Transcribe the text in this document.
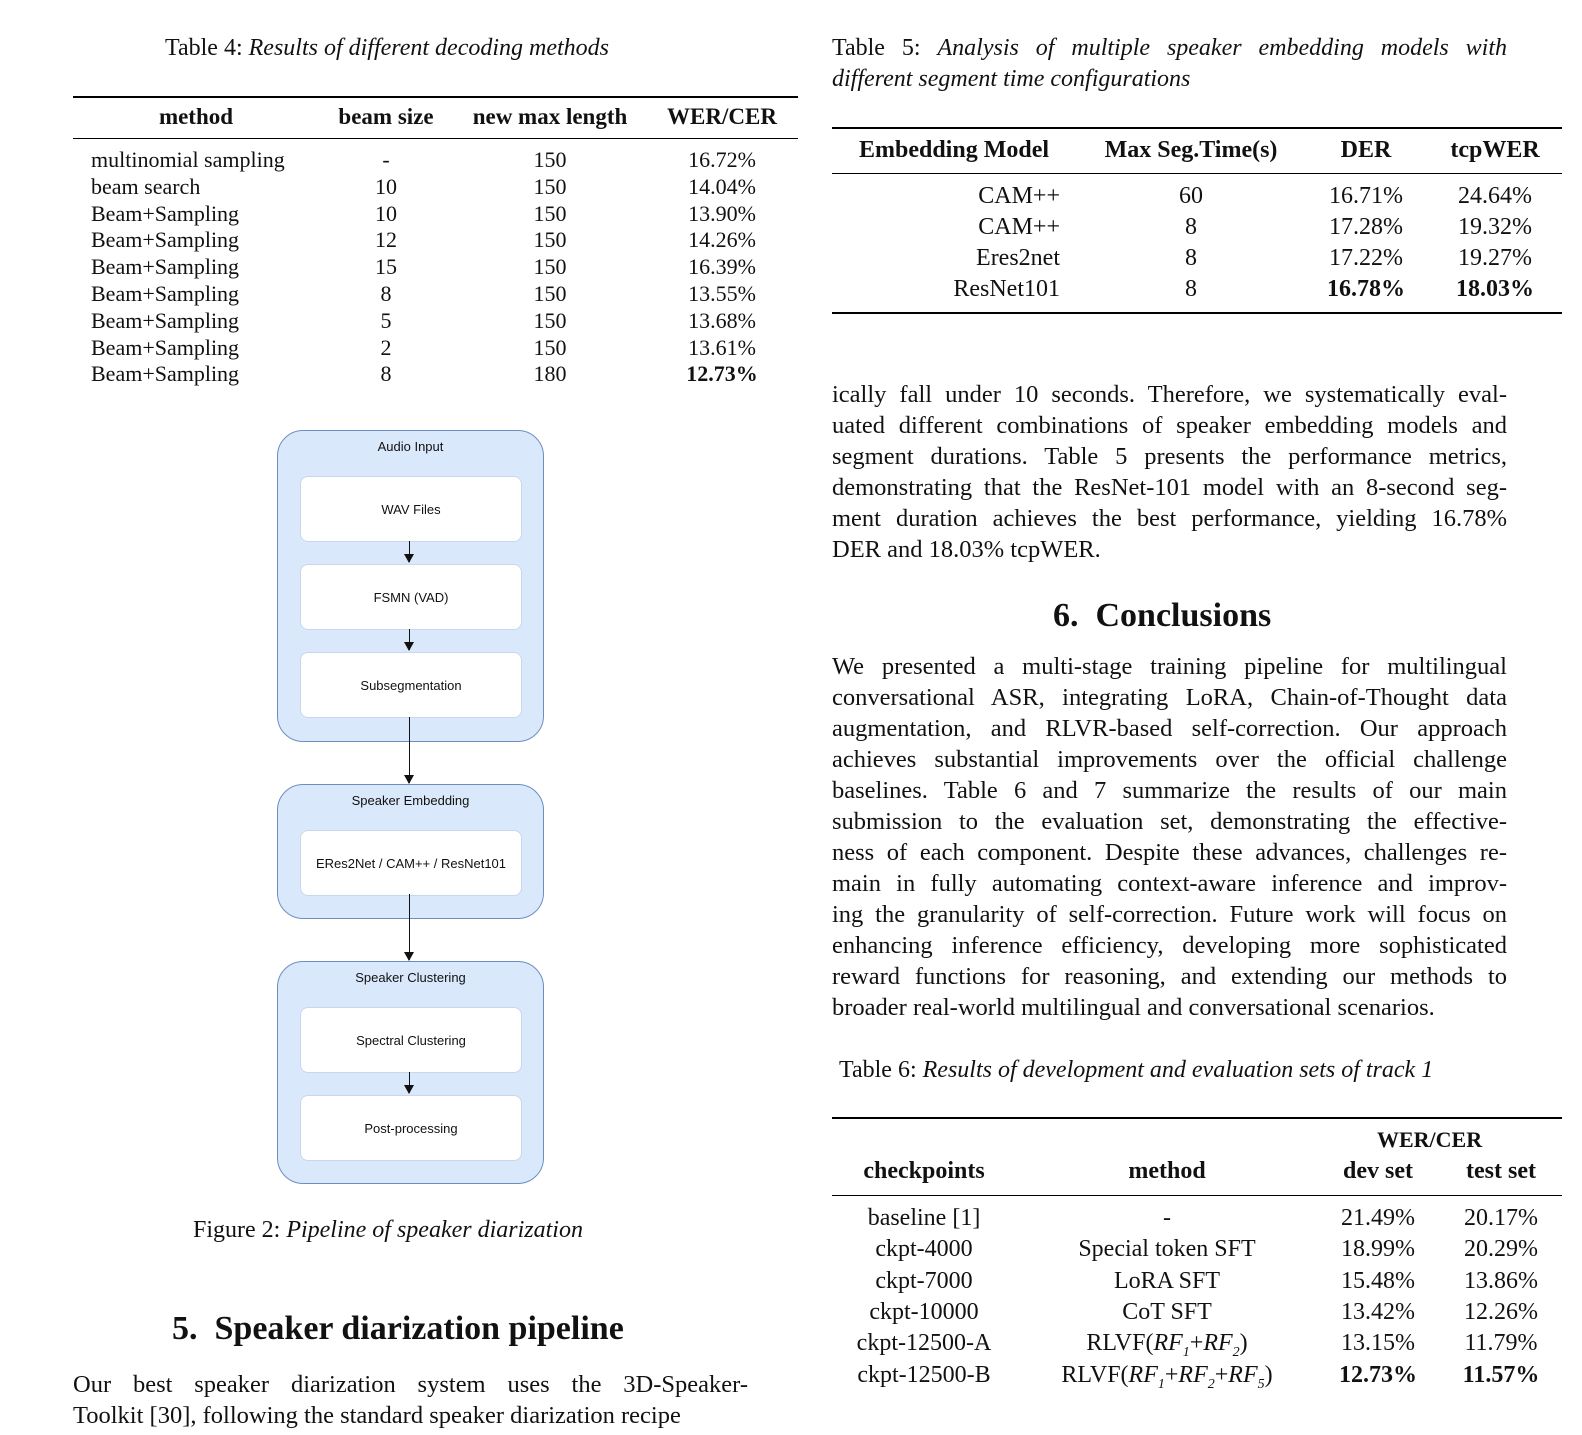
Table 4: Results of different decoding methods
method	beam size	new max length	WER/CER
multinomial sampling	-	150	16.72%
beam search	10	150	14.04%
Beam+Sampling	10	150	13.90%
Beam+Sampling	12	150	14.26%
Beam+Sampling	15	150	16.39%
Beam+Sampling	8	150	13.55%
Beam+Sampling	5	150	13.68%
Beam+Sampling	2	150	13.61%
Beam+Sampling	8	180	12.73%
Audio Input
WAV Files
FSMN (VAD)
Subsegmentation
Speaker Embedding
ERes2Net / CAM++ / ResNet101
Speaker Clustering
Spectral Clustering
Post-processing
Figure 2: Pipeline of speaker diarization
5. Speaker diarization pipeline
Our best speaker diarization system uses the 3D-Speaker-
Toolkit [30], following the standard speaker diarization recipe
Table 5: Analysis of multiple speaker embedding models with
different segment time configurations
Embedding Model	Max Seg.Time(s)	DER	tcpWER
CAM++	60	16.71%	24.64%
CAM++	8	17.28%	19.32%
Eres2net	8	17.22%	19.27%
ResNet101	8	16.78%	18.03%
ically fall under 10 seconds. Therefore, we systematically eval-
uated different combinations of speaker embedding models and
segment durations. Table 5 presents the performance metrics,
demonstrating that the ResNet-101 model with an 8-second seg-
ment duration achieves the best performance, yielding 16.78%
DER and 18.03% tcpWER.
6. Conclusions
We presented a multi-stage training pipeline for multilingual
conversational ASR, integrating LoRA, Chain-of-Thought data
augmentation, and RLVR-based self-correction. Our approach
achieves substantial improvements over the official challenge
baselines. Table 6 and 7 summarize the results of our main
submission to the evaluation set, demonstrating the effective-
ness of each component. Despite these advances, challenges re-
main in fully automating context-aware inference and improv-
ing the granularity of self-correction. Future work will focus on
enhancing inference efficiency, developing more sophisticated
reward functions for reasoning, and extending our methods to
broader real-world multilingual and conversational scenarios.
Table 6: Results of development and evaluation sets of track 1
WER/CER
checkpoints	method	dev set	test set
baseline [1]	-	21.49%	20.17%
ckpt-4000	Special token SFT	18.99%	20.29%
ckpt-7000	LoRA SFT	15.48%	13.86%
ckpt-10000	CoT SFT	13.42%	12.26%
ckpt-12500-A	$RLVF(RF_1+RF_2)$	13.15%	11.79%
ckpt-12500-B	$RLVF(RF_1+RF_2+RF_5)$	12.73%	11.57%
